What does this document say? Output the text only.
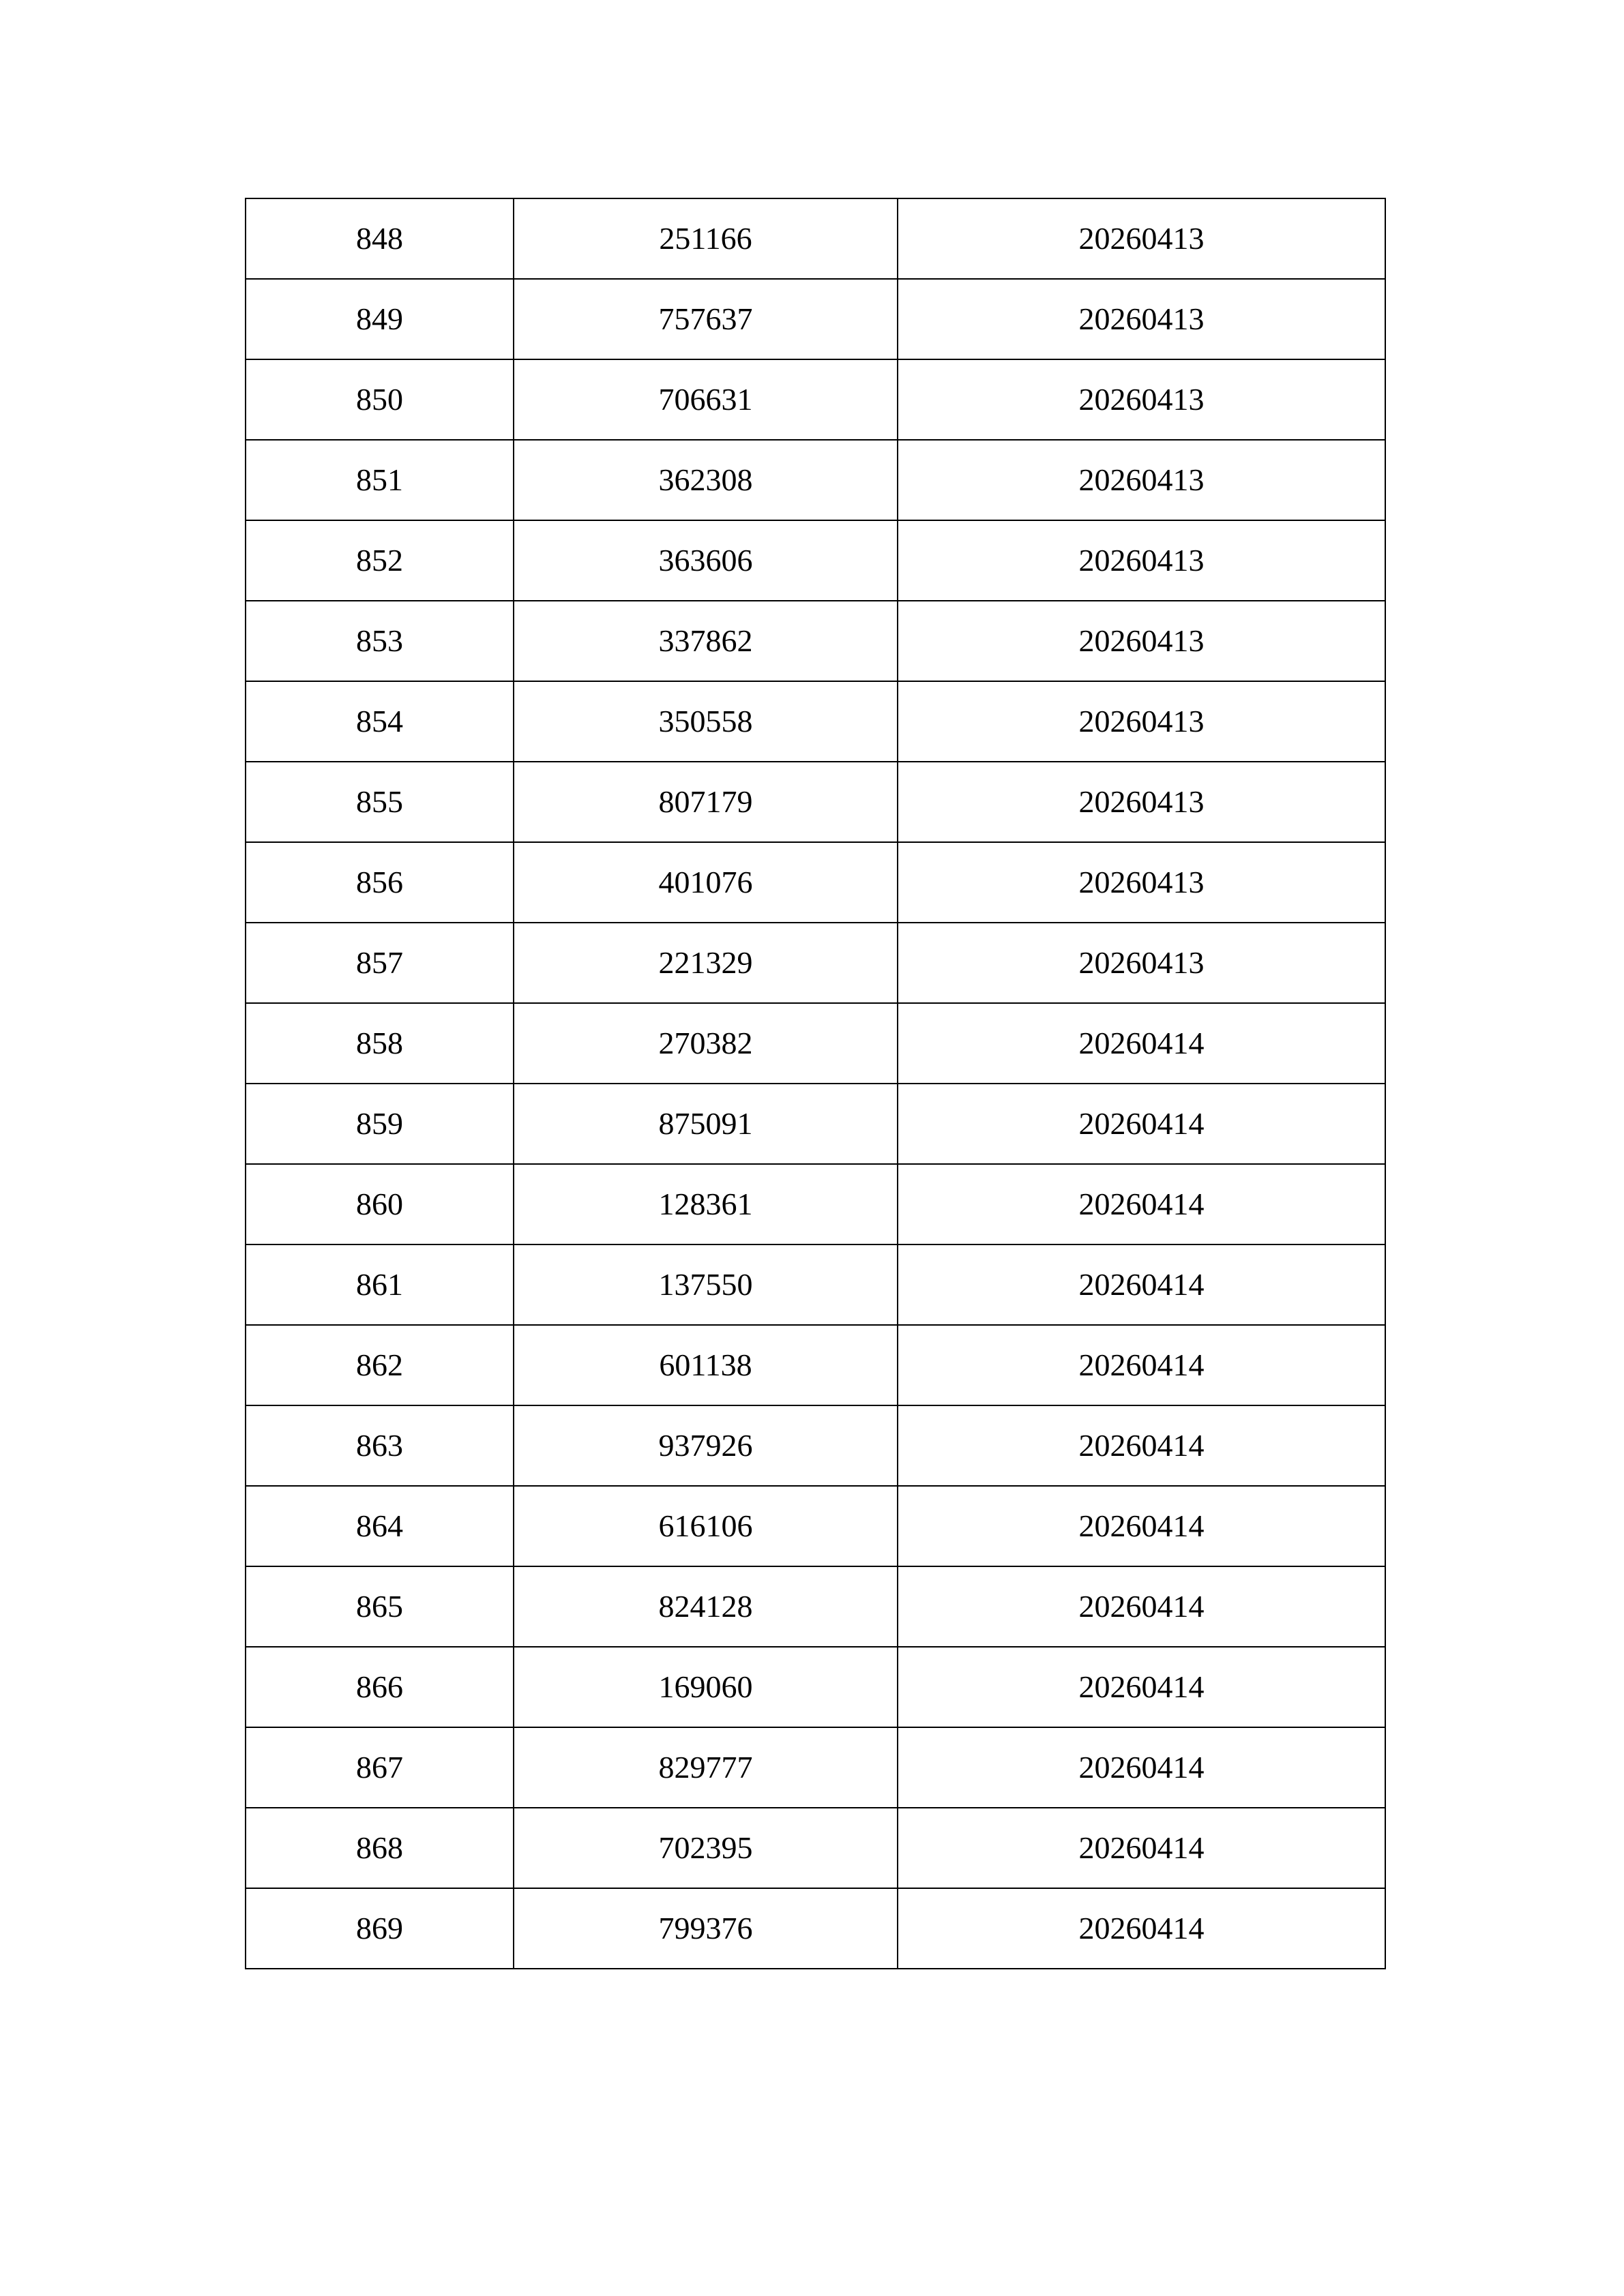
848	251166	20260413
849	757637	20260413
850	706631	20260413
851	362308	20260413
852	363606	20260413
853	337862	20260413
854	350558	20260413
855	807179	20260413
856	401076	20260413
857	221329	20260413
858	270382	20260414
859	875091	20260414
860	128361	20260414
861	137550	20260414
862	601138	20260414
863	937926	20260414
864	616106	20260414
865	824128	20260414
866	169060	20260414
867	829777	20260414
868	702395	20260414
869	799376	20260414
